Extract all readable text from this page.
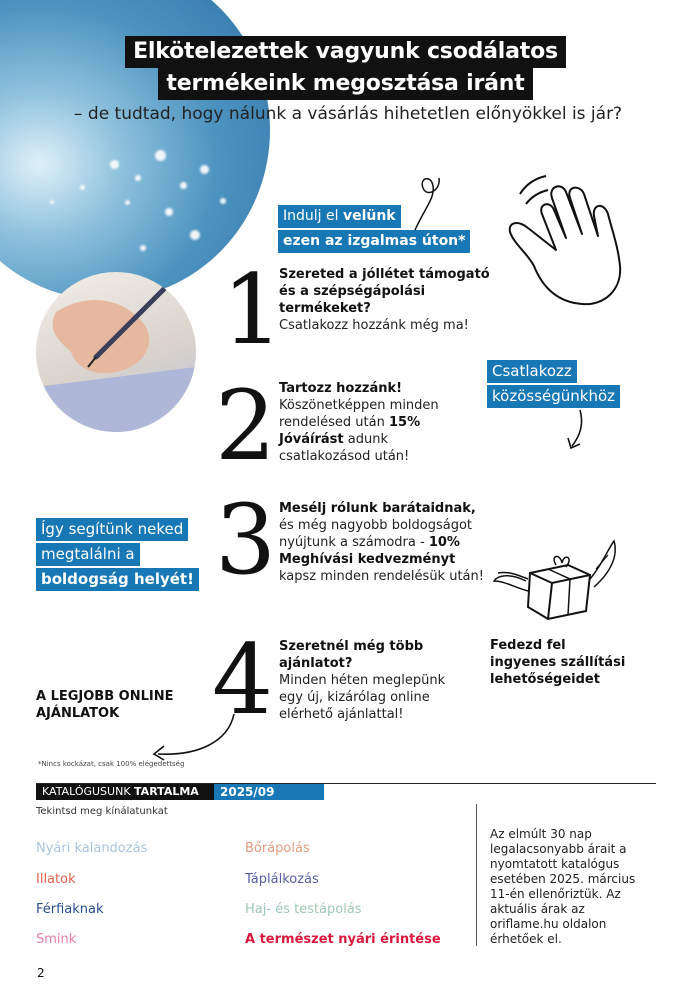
Elkötelezettek vagyunk csodálatos
termékeink megosztása iránt
– de tudtad, hogy nálunk a vásárlás hihetetlen előnyökkel is jár?
Indulj el velünk
ezen az izgalmas úton*
1
2
3
4
Szereted a jóllétet támogató és a szépségápolási termékeket?
Csatlakozz hozzánk még ma!
Tartozz hozzánk!
Köszönetképpen minden rendelésed után 15% Jóváírást adunk csatlakozásod után!
Mesélj rólunk barátaidnak,
és még nagyobb boldogságot nyújtunk a számodra - 10% Meghívási kedvezményt kapsz minden rendelésük után!
Szeretnél még több ajánlatot?
Minden héten meglepünk egy új, kizárólag online elérhető ajánlattal!
Csatlakozz
közösségünkhöz
Így segítünk neked
megtalálni a
boldogság helyét!
Fedezd fel
ingyenes szállítási
lehetőségeidet
A LEGJOBB ONLINE
AJÁNLATOK
*Nincs kockázat, csak 100% elégedettség
KATALÓGUSUNK TARTALMA	2025/09
Tekintsd meg kínálatunkat
Nyári kalandozás	Bőrápolás
Illatok	Táplálkozás
Férfiaknak	Haj- és testápolás
Smink	A természet nyári érintése
Az elmúlt 30 nap legalacsonyabb árait a nyomtatott katalógus esetében 2025. március 11-én ellenőriztük. Az aktuális árak az oriflame.hu oldalon érhetőek el.
2
